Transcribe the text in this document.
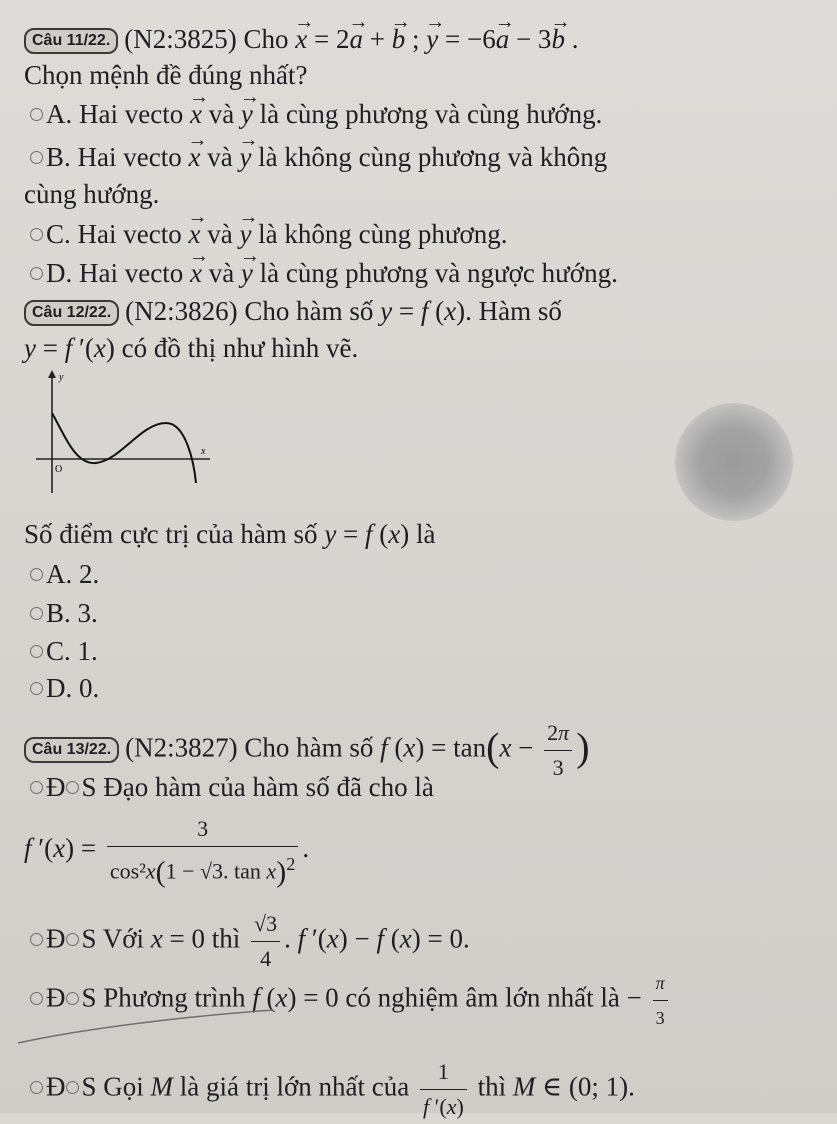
Câu 11/22. (N2:3825) Cho → x = 2→ a + → b ; → y = −6→ a − 3→ b .
Chọn mệnh đề đúng nhất?
A. Hai vecto → x và → y là cùng phương và cùng hướng.
B. Hai vecto → x và → y là không cùng phương và không
cùng hướng.
C. Hai vecto → x và → y là không cùng phương.
D. Hai vecto → x và → y là cùng phương và ngược hướng.
Câu 12/22. (N2:3826) Cho hàm số y = f (x). Hàm số
y = f ′(x) có đồ thị như hình vẽ.
y
x
O
Số điểm cực trị của hàm số y = f (x) là
A. 2.
B. 3.
C. 1.
D. 0.
Câu 13/22. (N2:3827) Cho hàm số f $(x) = \tan(x - \frac{2\pi}{3}$ )
Đ S Đạo hàm của hàm số đã cho là
f $'(x) = \frac{3}{\cos^2x(1 - √3. \tan x)^2}$ .
Đ S Với x = 0 thì $\frac{√3}{4}$ . f ′(x) − f (x) = 0.
Đ S Phương trình f (x) = 0 có nghiệm âm lớn nhất là − $\frac{\pi}{3}$
Đ S Gọi M là giá trị lớn nhất của $\frac{1}{f '(x)}$ thì M ∈ (0; 1).
